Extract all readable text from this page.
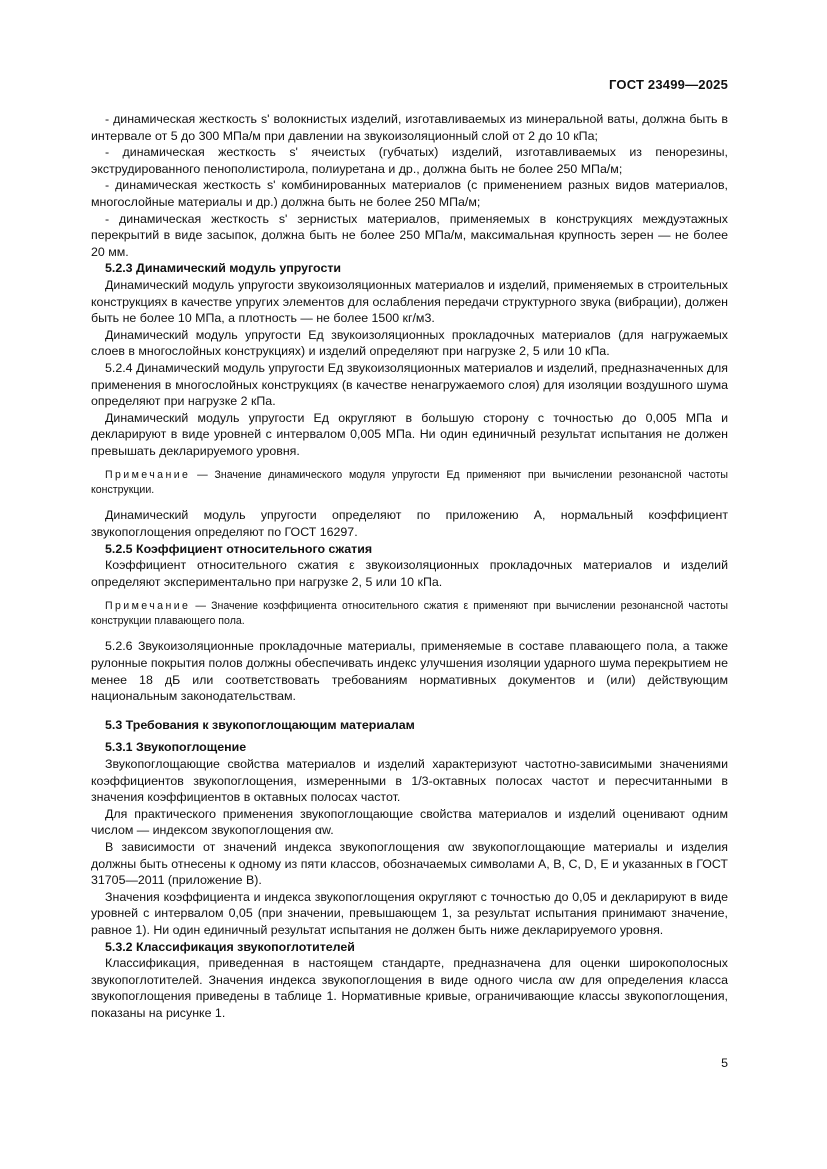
ГОСТ 23499—2025

- динамическая жесткость s' волокнистых изделий, изготавливаемых из минеральной ваты, должна быть в интервале от 5 до 300 МПа/м при давлении на звукоизоляционный слой от 2 до 10 кПа;

- динамическая жесткость s' ячеистых (губчатых) изделий, изготавливаемых из пенорезины, экструдированного пенополистирола, полиуретана и др., должна быть не более 250 МПа/м;

- динамическая жесткость s' комбинированных материалов (с применением разных видов материалов, многослойные материалы и др.) должна быть не более 250 МПа/м;

- динамическая жесткость s' зернистых материалов, применяемых в конструкциях междуэтажных перекрытий в виде засыпок, должна быть не более 250 МПа/м, максимальная крупность зерен — не более 20 мм.

5.2.3 Динамический модуль упругости

Динамический модуль упругости звукоизоляционных материалов и изделий, применяемых в строительных конструкциях в качестве упругих элементов для ослабления передачи структурного звука (вибрации), должен быть не более 10 МПа, а плотность — не более 1500 кг/м3.

Динамический модуль упругости Eд звукоизоляционных прокладочных материалов (для нагружаемых слоев в многослойных конструкциях) и изделий определяют при нагрузке 2, 5 или 10 кПа.

5.2.4 Динамический модуль упругости Eд звукоизоляционных материалов и изделий, предназначенных для применения в многослойных конструкциях (в качестве ненагружаемого слоя) для изоляции воздушного шума определяют при нагрузке 2 кПа.

Динамический модуль упругости Eд округляют в большую сторону с точностью до 0,005 МПа и декларируют в виде уровней с интервалом 0,005 МПа. Ни один единичный результат испытания не должен превышать декларируемого уровня.

Примечание — Значение динамического модуля упругости Eд применяют при вычислении резонансной частоты конструкции.

Динамический модуль упругости определяют по приложению А, нормальный коэффициент звукопоглощения определяют по ГОСТ 16297.

5.2.5 Коэффициент относительного сжатия

Коэффициент относительного сжатия ε звукоизоляционных прокладочных материалов и изделий определяют экспериментально при нагрузке 2, 5 или 10 кПа.

Примечание — Значение коэффициента относительного сжатия ε применяют при вычислении резонансной частоты конструкции плавающего пола.

5.2.6 Звукоизоляционные прокладочные материалы, применяемые в составе плавающего пола, а также рулонные покрытия полов должны обеспечивать индекс улучшения изоляции ударного шума перекрытием не менее 18 дБ или соответствовать требованиям нормативных документов и (или) действующим национальным законодательствам.

5.3 Требования к звукопоглощающим материалам

5.3.1 Звукопоглощение

Звукопоглощающие свойства материалов и изделий характеризуют частотно-зависимыми значениями коэффициентов звукопоглощения, измеренными в 1/3-октавных полосах частот и пересчитанными в значения коэффициентов в октавных полосах частот.

Для практического применения звукопоглощающие свойства материалов и изделий оценивают одним числом — индексом звукопоглощения αw.

В зависимости от значений индекса звукопоглощения αw звукопоглощающие материалы и изделия должны быть отнесены к одному из пяти классов, обозначаемых символами A, B, C, D, E и указанных в ГОСТ 31705—2011 (приложение В).

Значения коэффициента и индекса звукопоглощения округляют с точностью до 0,05 и декларируют в виде уровней с интервалом 0,05 (при значении, превышающем 1, за результат испытания принимают значение, равное 1). Ни один единичный результат испытания не должен быть ниже декларируемого уровня.

5.3.2 Классификация звукопоглотителей

Классификация, приведенная в настоящем стандарте, предназначена для оценки широкополосных звукопоглотителей. Значения индекса звукопоглощения в виде одного числа αw для определения класса звукопоглощения приведены в таблице 1. Нормативные кривые, ограничивающие классы звукопоглощения, показаны на рисунке 1.

5
